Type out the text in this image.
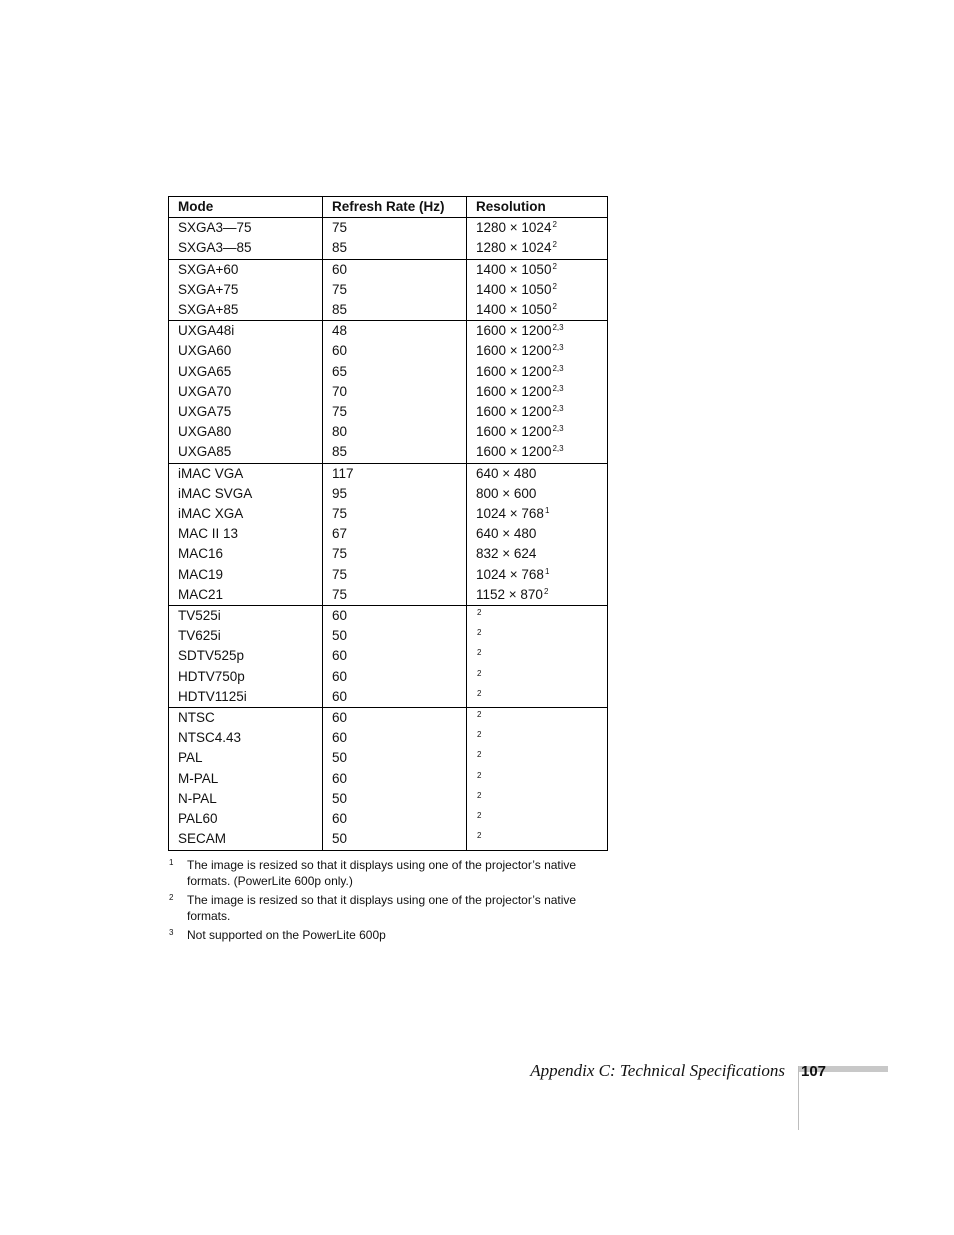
Mode	Refresh Rate (Hz)	Resolution
SXGA3—75	75	$1280 \times 1024^2$
SXGA3—85	85	$1280 \times 1024^2$
SXGA+60	60	$1400 \times 1050^2$
SXGA+75	75	$1400 \times 1050^2$
SXGA+85	85	$1400 \times 1050^2$
UXGA48i	48	$1600 \times 1200^{2,3}$
UXGA60	60	$1600 \times 1200^{2,3}$
UXGA65	65	$1600 \times 1200^{2,3}$
UXGA70	70	$1600 \times 1200^{2,3}$
UXGA75	75	$1600 \times 1200^{2,3}$
UXGA80	80	$1600 \times 1200^{2,3}$
UXGA85	85	$1600 \times 1200^{2,3}$
iMAC VGA	117	640 × 480
iMAC SVGA	95	800 × 600
iMAC XGA	75	$1024 \times 768^1$
MAC II 13	67	640 × 480
MAC16	75	832 × 624
MAC19	75	$1024 \times 768^1$
MAC21	75	$1152 \times 870^2$
TV525i	60	$^2$
TV625i	50	$^2$
SDTV525p	60	$^2$
HDTV750p	60	$^2$
HDTV1125i	60	$^2$
NTSC	60	$^2$
NTSC4.43	60	$^2$
PAL	50	$^2$
M-PAL	60	$^2$
N-PAL	50	$^2$
PAL60	60	$^2$
SECAM	50	$^2$
1 The image is resized so that it displays using one of the projector’s native formats. (PowerLite 600p only.)
2 The image is resized so that it displays using one of the projector’s native formats.
3 Not supported on the PowerLite 600p
Appendix C: Technical Specifications 107
